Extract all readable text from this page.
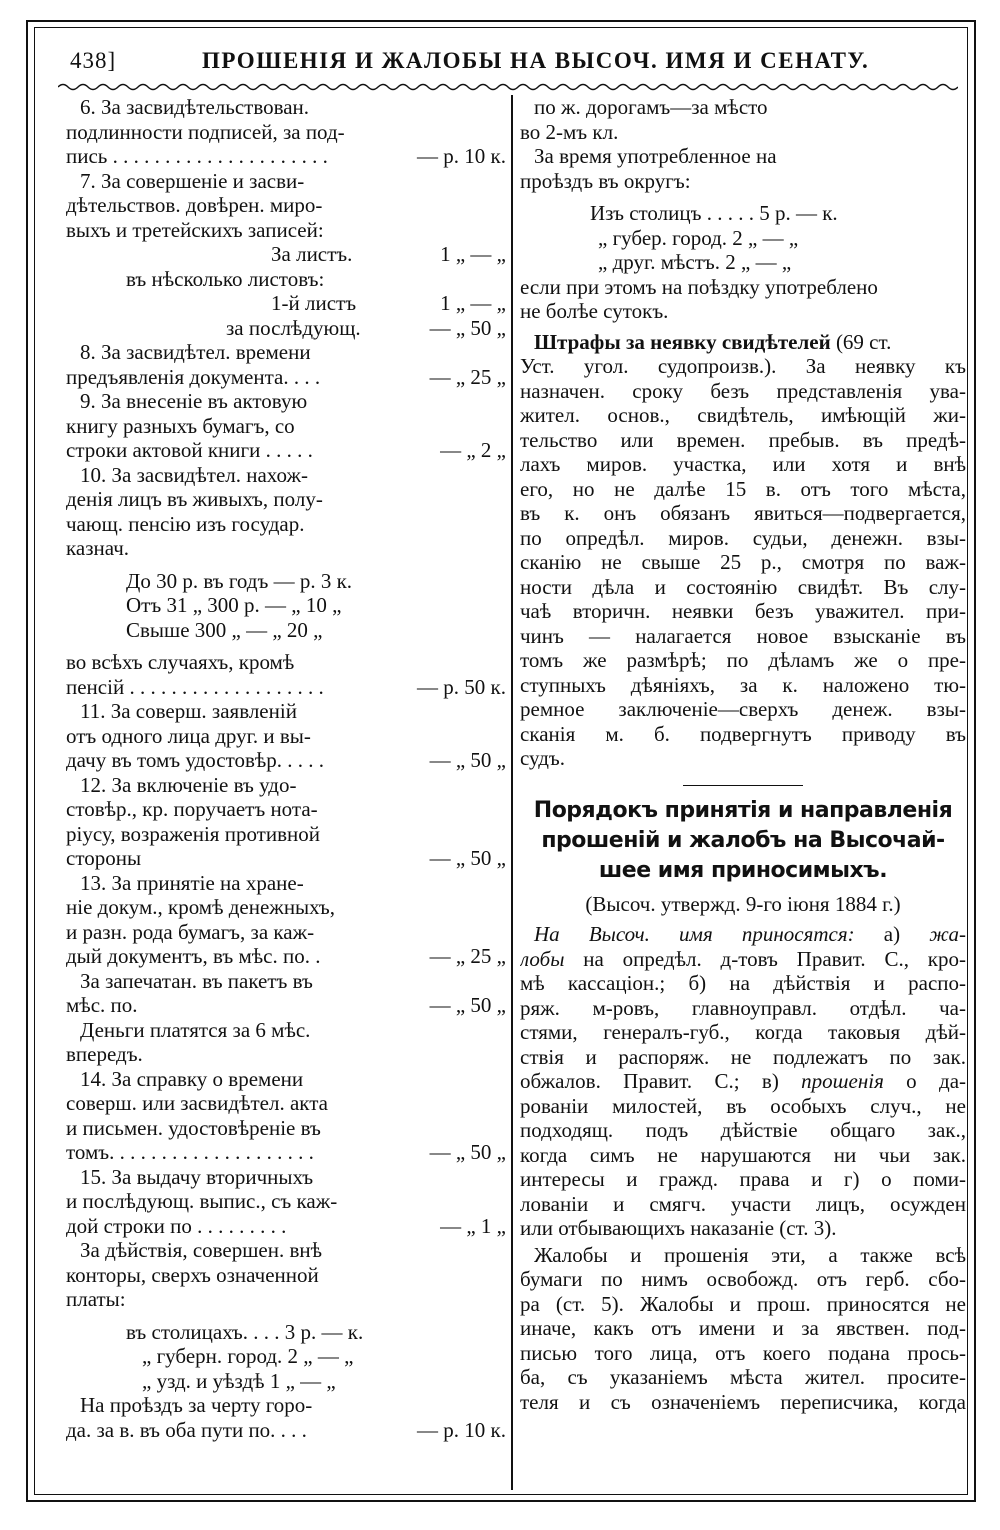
438]	ПРОШЕНІЯ И ЖАЛОБЫ НА ВЫСОЧ. ИМЯ И СЕНАТУ.
6. За засвидѣтельствован.
подлинности подписей, за под-
пись . . . . . . . . . . . . . . . . . . . . .	— р. 10 к.
7. За совершеніе и засви-
дѣтельствов. довѣрен. миро-
выхъ и третейскихъ записей:
За листъ.	1 „ — „
въ нѣсколько листовъ:
1-й листъ	1 „ — „
за послѣдующ.	— „ 50 „
8. За засвидѣтел. времени
предъявленія документа. . . .	— „ 25 „
9. За внесеніе въ актовую
книгу разныхъ бумагъ, со
строки актовой книги . . . . .	— „ 2 „
10. За засвидѣтел. нахож-
денія лицъ въ живыхъ, полу-
чающ. пенсію изъ государ.
казнач.
До 30 р. въ годъ — р. 3 к.
Отъ 31 „ 300 р. — „ 10 „
Свыше 300 „ — „ 20 „
во всѣхъ случаяхъ, кромѣ
пенсій . . . . . . . . . . . . . . . . . . .	— р. 50 к.
11. За соверш. заявленій
отъ одного лица друг. и вы-
дачу въ томъ удостовѣр. . . . .	— „ 50 „
12. За включеніе въ удо-
стовѣр., кр. поручаетъ нота-
ріусу, возраженія противной
стороны	— „ 50 „
13. За принятіе на хране-
ніе докум., кромѣ денежныхъ,
и разн. рода бумагъ, за каж-
дый документъ, въ мѣс. по. .	— „ 25 „
За запечатан. въ пакетъ въ
мѣс. по.	— „ 50 „
Деньги платятся за 6 мѣс.
впередъ.
14. За справку о времени
соверш. или засвидѣтел. акта
и письмен. удостовѣреніе въ
томъ. . . . . . . . . . . . . . . . . . . .	— „ 50 „
15. За выдачу вторичныхъ
и послѣдующ. выпис., съ каж-
дой строки по . . . . . . . . .	— „ 1 „
За дѣйствія, совершен. внѣ
конторы, сверхъ означенной
платы:
въ столицахъ. . . . 3 р. — к.
„ губерн. город. 2 „ — „
„ узд. и уѣздѣ 1 „ — „
На проѣздъ за черту горо-
да. за в. въ оба пути по. . . .	— р. 10 к.
по ж. дорогамъ—за мѣсто
во 2-мъ кл.
За время употребленное на
проѣздъ въ округъ:
Изъ столицъ . . . . . 5 р. — к.
„ губер. город. 2 „ — „
„ друг. мѣстъ. 2 „ — „
если при этомъ на поѣздку употреблено
не болѣе сутокъ.
Штрафы за неявку свидѣтелей (69 ст.
Уст. угол. судопроизв.). За неявку къ
назначен. сроку безъ представленія ува-
жител. основ., свидѣтель, имѣющій жи-
тельство или времен. пребыв. въ предѣ-
лахъ миров. участка, или хотя и внѣ
его, но не далѣе 15 в. отъ того мѣста,
въ к. онъ обязанъ явиться—подвергается,
по опредѣл. миров. судьи, денежн. взы-
сканію не свыше 25 р., смотря по важ-
ности дѣла и состоянію свидѣт. Въ слу-
чаѣ вторичн. неявки безъ уважител. при-
чинъ — налагается новое взысканіе въ
томъ же размѣрѣ; по дѣламъ же о пре-
ступныхъ дѣяніяхъ, за к. наложено тю-
ремное заключеніе—сверхъ денеж. взы-
сканія м. б. подвергнутъ приводу въ
судъ.
Порядокъ принятія и направленія
прошеній и жалобъ на Высочай-
шее имя приносимыхъ.
(Высоч. утвержд. 9-го іюня 1884 г.)
На Высоч. имя приносятся: а) жа-
лобы на опредѣл. д-товъ Правит. С., кро-
мѣ кассаціон.; б) на дѣйствія и распо-
ряж. м-ровъ, главноуправл. отдѣл. ча-
стями, генералъ-губ., когда таковыя дѣй-
ствія и распоряж. не подлежатъ по зак.
обжалов. Правит. С.; в) прошенія о да-
рованіи милостей, въ особыхъ случ., не
подходящ. подъ дѣйствіе общаго зак.,
когда симъ не нарушаются ни чьи зак.
интересы и гражд. права и г) о поми-
лованіи и смягч. участи лицъ, осужден
или отбывающихъ наказаніе (ст. 3).
Жалобы и прошенія эти, а также всѣ
бумаги по нимъ освобожд. отъ герб. сбо-
ра (ст. 5). Жалобы и прош. приносятся не
иначе, какъ отъ имени и за явствен. под-
писью того лица, отъ коего подана прось-
ба, съ указаніемъ мѣста жител. просите-
теля и съ означеніемъ переписчика, когда
